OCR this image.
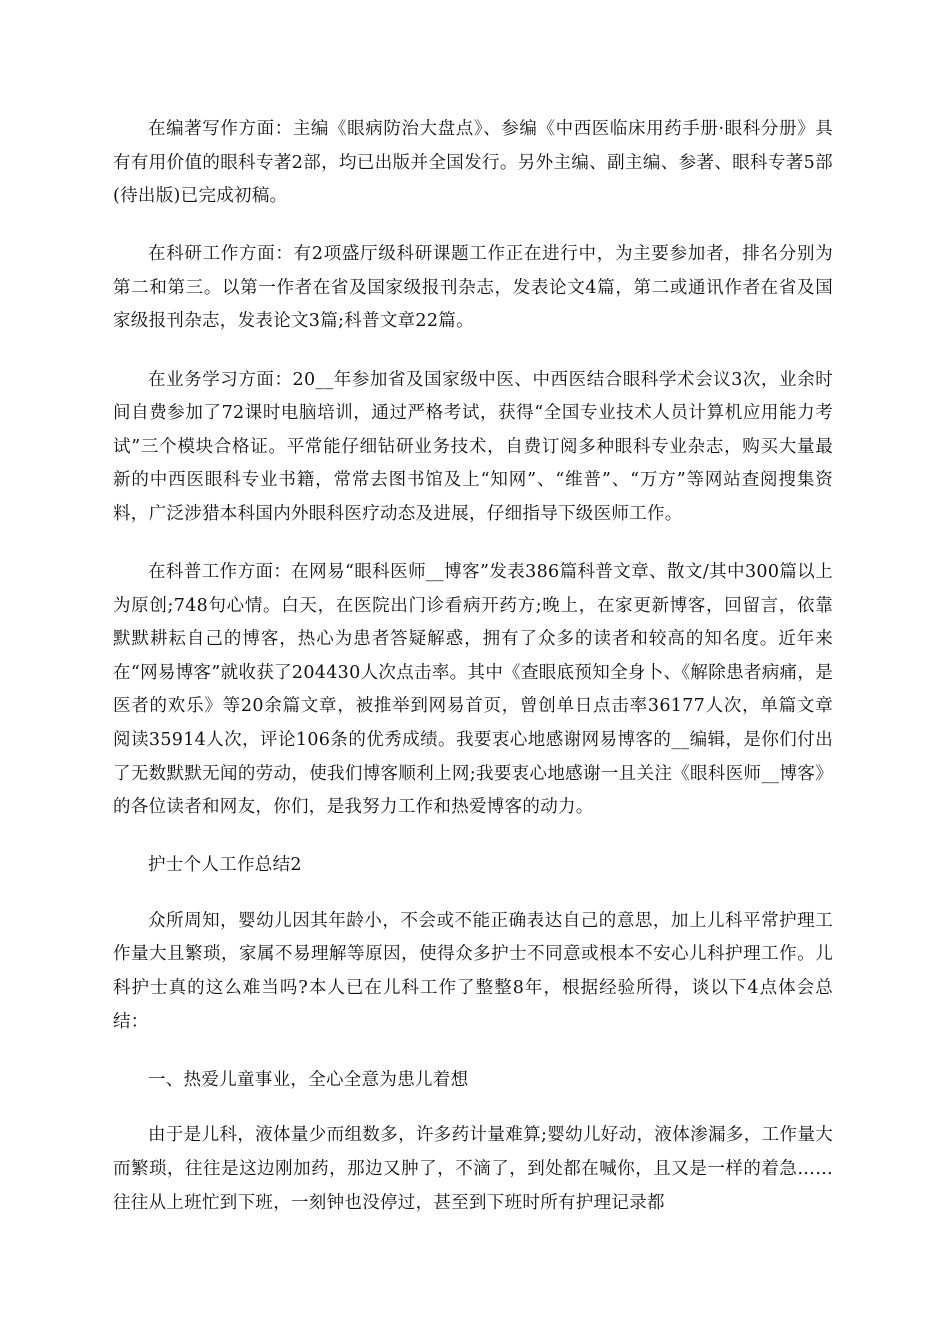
在编著写作方面：主编《眼病防治大盘点》、参编《中西医临床用药手册·眼科分册》具有有用价值的眼科专著2部，均已出版并全国发行。另外主编、副主编、参著、眼科专著5部(待出版)已完成初稿。

在科研工作方面：有2项盛厅级科研课题工作正在进行中，为主要参加者，排名分别为第二和第三。以第一作者在省及国家级报刊杂志，发表论文4篇，第二或通讯作者在省及国家级报刊杂志，发表论文3篇;科普文章22篇。

在业务学习方面：20__年参加省及国家级中医、中西医结合眼科学术会议3次，业余时间自费参加了72课时电脑培训，通过严格考试，获得“全国专业技术人员计算机应用能力考试”三个模块合格证。平常能仔细钻研业务技术，自费订阅多种眼科专业杂志，购买大量最新的中西医眼科专业书籍，常常去图书馆及上“知网”、“维普”、“万方”等网站查阅搜集资料，广泛涉猎本科国内外眼科医疗动态及进展，仔细指导下级医师工作。

在科普工作方面：在网易“眼科医师__博客”发表386篇科普文章、散文/其中300篇以上为原创;748句心情。白天，在医院出门诊看病开药方;晚上，在家更新博客，回留言，依靠默默耕耘自己的博客，热心为患者答疑解惑，拥有了众多的读者和较高的知名度。近年来在“网易博客”就收获了204430人次点击率。其中《查眼底预知全身卜、《解除患者病痛，是医者的欢乐》等20余篇文章，被推举到网易首页，曾创单日点击率36177人次，单篇文章阅读35914人次，评论106条的优秀成绩。我要衷心地感谢网易博客的__编辑，是你们付出了无数默默无闻的劳动，使我们博客顺利上网;我要衷心地感谢一且关注《眼科医师__博客》的各位读者和网友，你们，是我努力工作和热爱博客的动力。

护士个人工作总结2

众所周知，婴幼儿因其年龄小，不会或不能正确表达自己的意思，加上儿科平常护理工作量大且繁琐，家属不易理解等原因，使得众多护士不同意或根本不安心儿科护理工作。儿科护士真的这么难当吗?本人已在儿科工作了整整8年，根据经验所得，谈以下4点体会总结：

一、热爱儿童事业，全心全意为患儿着想

由于是儿科，液体量少而组数多，许多药计量难算;婴幼儿好动，液体渗漏多，工作量大而繁琐，往往是这边刚加药，那边又肿了，不滴了，到处都在喊你，且又是一样的着急……往往从上班忙到下班，一刻钟也没停过，甚至到下班时所有护理记录都
